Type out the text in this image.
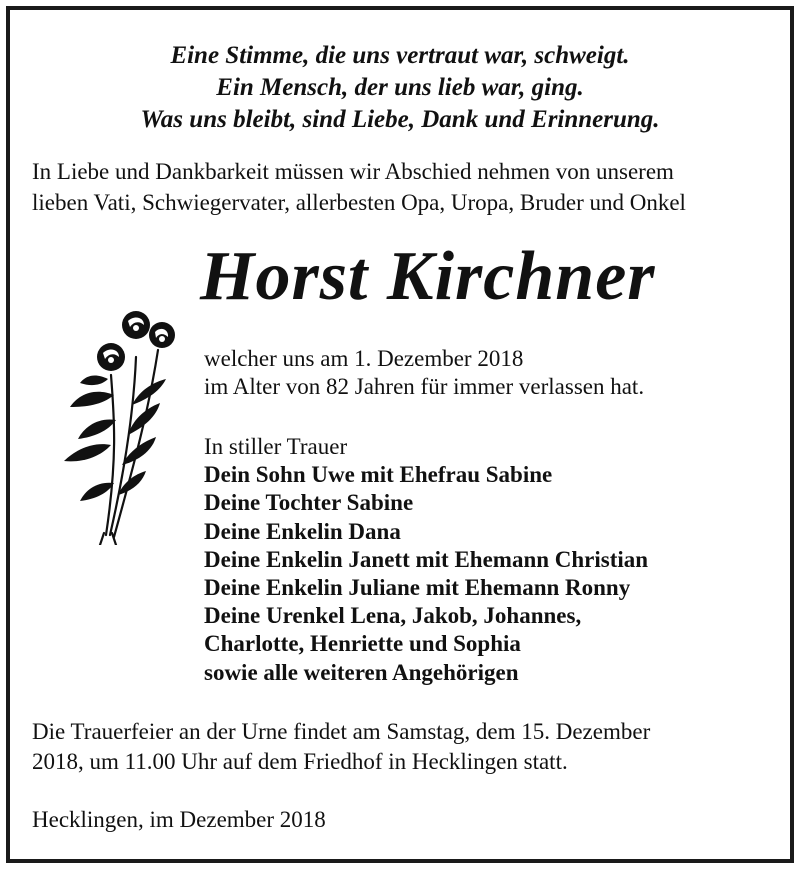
Eine Stimme, die uns vertraut war, schweigt.
Ein Mensch, der uns lieb war, ging.
Was uns bleibt, sind Liebe, Dank und Erinnerung.
In Liebe und Dankbarkeit müssen wir Abschied nehmen von unserem
lieben Vati, Schwiegervater, allerbesten Opa, Uropa, Bruder und Onkel
Horst Kirchner
welcher uns am 1. Dezember 2018
im Alter von 82 Jahren für immer verlassen hat.
In stiller Trauer
Dein Sohn Uwe mit Ehefrau Sabine
Deine Tochter Sabine
Deine Enkelin Dana
Deine Enkelin Janett mit Ehemann Christian
Deine Enkelin Juliane mit Ehemann Ronny
Deine Urenkel Lena, Jakob, Johannes,
Charlotte, Henriette und Sophia
sowie alle weiteren Angehörigen
Die Trauerfeier an der Urne findet am Samstag, dem 15. Dezember
2018, um 11.00 Uhr auf dem Friedhof in Hecklingen statt.
Hecklingen, im Dezember 2018
